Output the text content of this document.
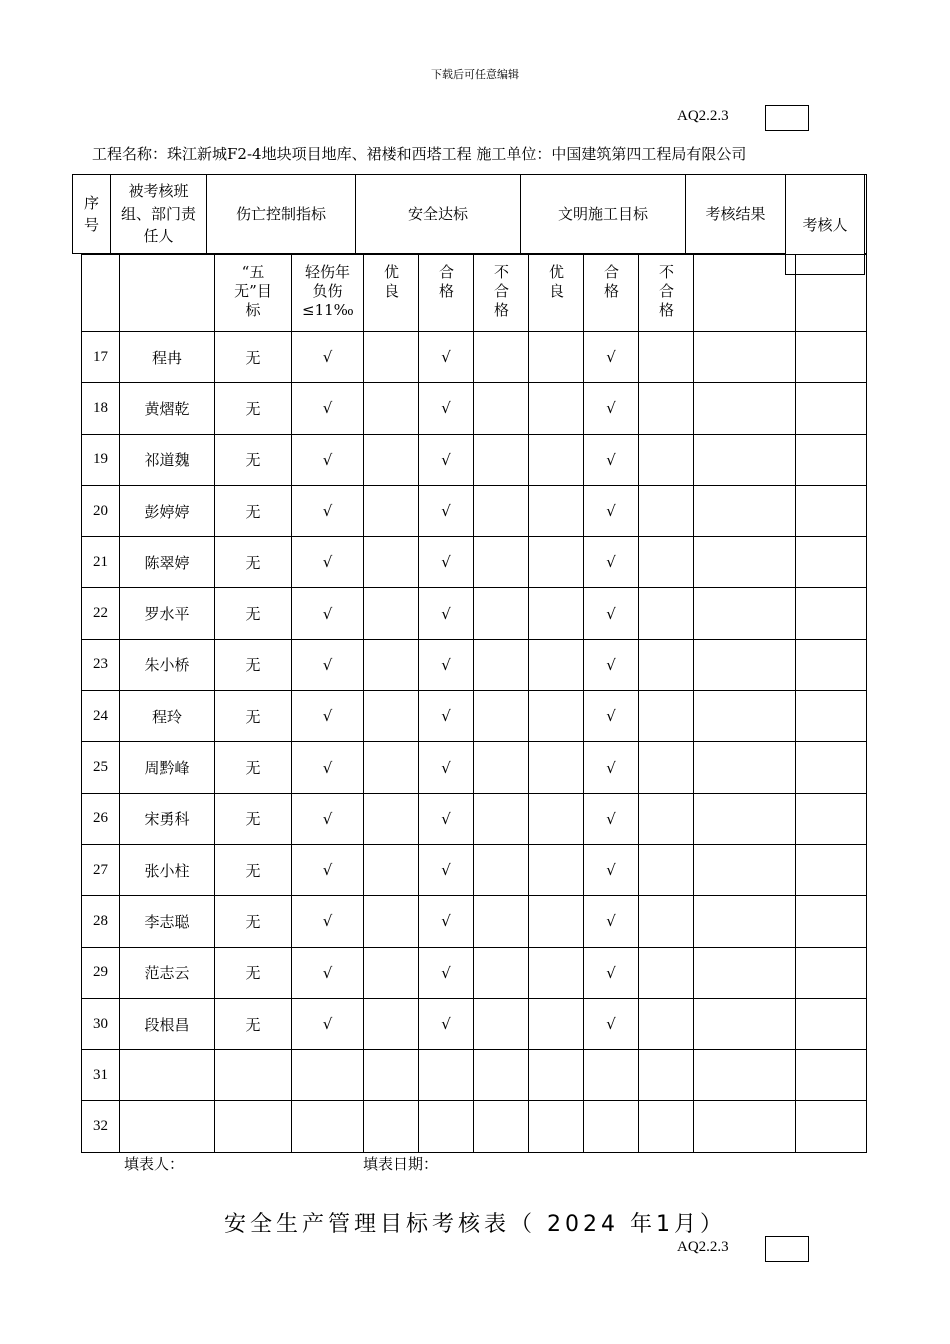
下载后可任意编辑
AQ2.2.3
工程名称：珠江新城F2-4地块项目地库、裙楼和西塔工程 施工单位：中国建筑第四工程局有限公司
序号	被考核班组、部门责任人	伤亡控制指标	安全达标	文明施工目标	考核结果	
考核人
		“五无”目标	轻伤年负伤≤11‰	优良	合格	不合格	优良	合格	不合格		
17	程冉	无	√		√			√			
18	黄熠乾	无	√		√			√			
19	祁道魏	无	√		√			√			
20	彭婷婷	无	√		√			√			
21	陈翠婷	无	√		√			√			
22	罗水平	无	√		√			√			
23	朱小桥	无	√		√			√			
24	程玲	无	√		√			√			
25	周黔峰	无	√		√			√			
26	宋勇科	无	√		√			√			
27	张小柱	无	√		√			√			
28	李志聪	无	√		√			√			
29	范志云	无	√		√			√			
30	段根昌	无	√		√			√			
31											
32											
填表人：	填表日期：
安全生产管理目标考核表（ 2024 年1月）
AQ2.2.3
